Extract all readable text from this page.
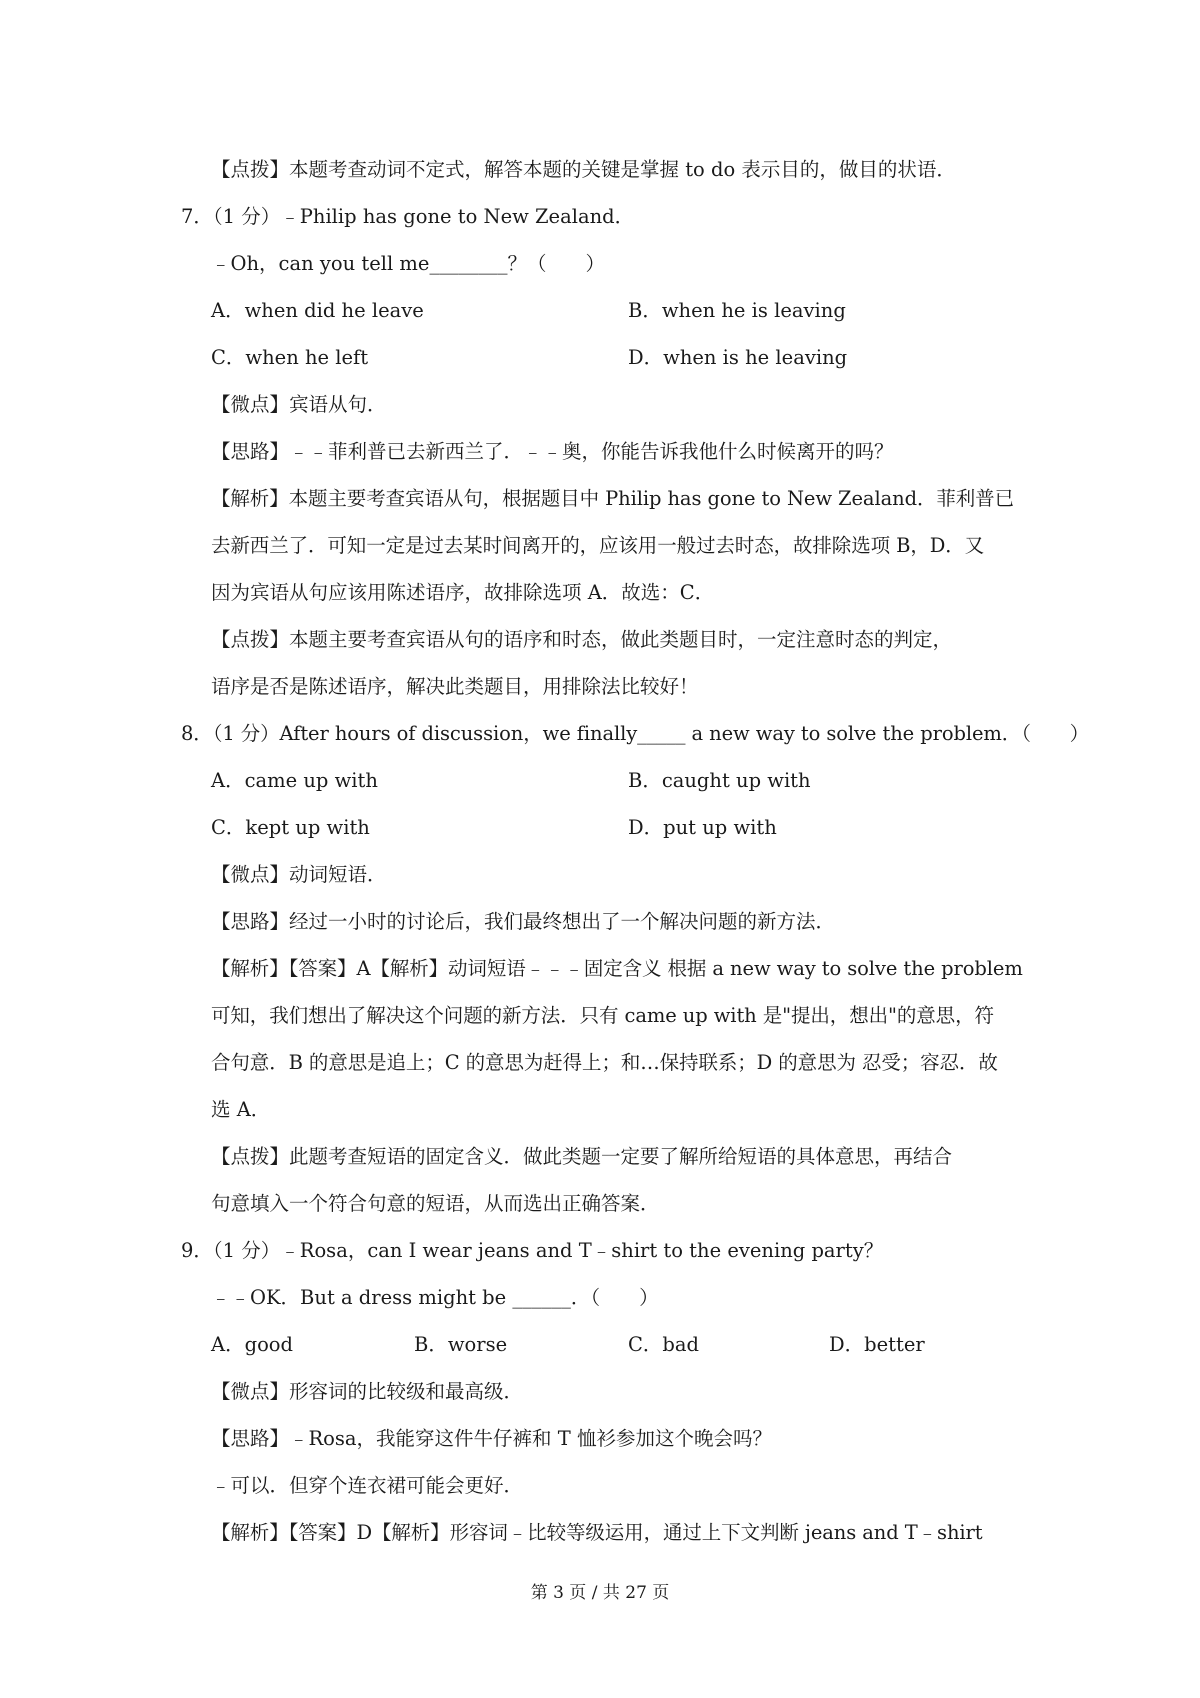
【点拨】本题考查动词不定式，解答本题的关键是掌握 to do 表示目的，做目的状语．
7．（1 分）﹣Philip has gone to New Zealand．
﹣Oh，can you tell me________？（　　）
A．when did he leave	B．when he is leaving
C．when he left	D．when is he leaving
【微点】宾语从句．
【思路】﹣﹣菲利普已去新西兰了．﹣﹣奥，你能告诉我他什么时候离开的吗？
【解析】本题主要考查宾语从句，根据题目中 Philip has gone to New Zealand．菲利普已
去新西兰了．可知一定是过去某时间离开的，应该用一般过去时态，故排除选项 B，D．又
因为宾语从句应该用陈述语序，故排除选项 A．故选：C．
【点拨】本题主要考查宾语从句的语序和时态，做此类题目时，一定注意时态的判定，
语序是否是陈述语序，解决此类题目，用排除法比较好！
8．（1 分）After hours of discussion，we finally_____ a new way to solve the problem．（　　）
A．came up with	B．caught up with
C．kept up with	D．put up with
【微点】动词短语．
【思路】经过一小时的讨论后，我们最终想出了一个解决问题的新方法．
【解析】【答案】A【解析】动词短语﹣﹣﹣固定含义 根据 a new way to solve the problem
可知，我们想出了解决这个问题的新方法．只有 came up with 是"提出，想出"的意思，符
合句意．B 的意思是追上；C 的意思为赶得上；和…保持联系；D 的意思为 忍受；容忍．故
选 A．
【点拨】此题考查短语的固定含义．做此类题一定要了解所给短语的具体意思，再结合
句意填入一个符合句意的短语，从而选出正确答案．
9．（1 分）﹣Rosa，can I wear jeans and T﹣shirt to the evening party？
﹣﹣OK．But a dress might be ______．（　　）
A．good	B．worse	C．bad	D．better
【微点】形容词的比较级和最高级．
【思路】﹣Rosa，我能穿这件牛仔裤和 T 恤衫参加这个晚会吗？
﹣可以．但穿个连衣裙可能会更好．
【解析】【答案】D【解析】形容词﹣比较等级运用，通过上下文判断 jeans and T﹣shirt
第 3 页 / 共 27 页
